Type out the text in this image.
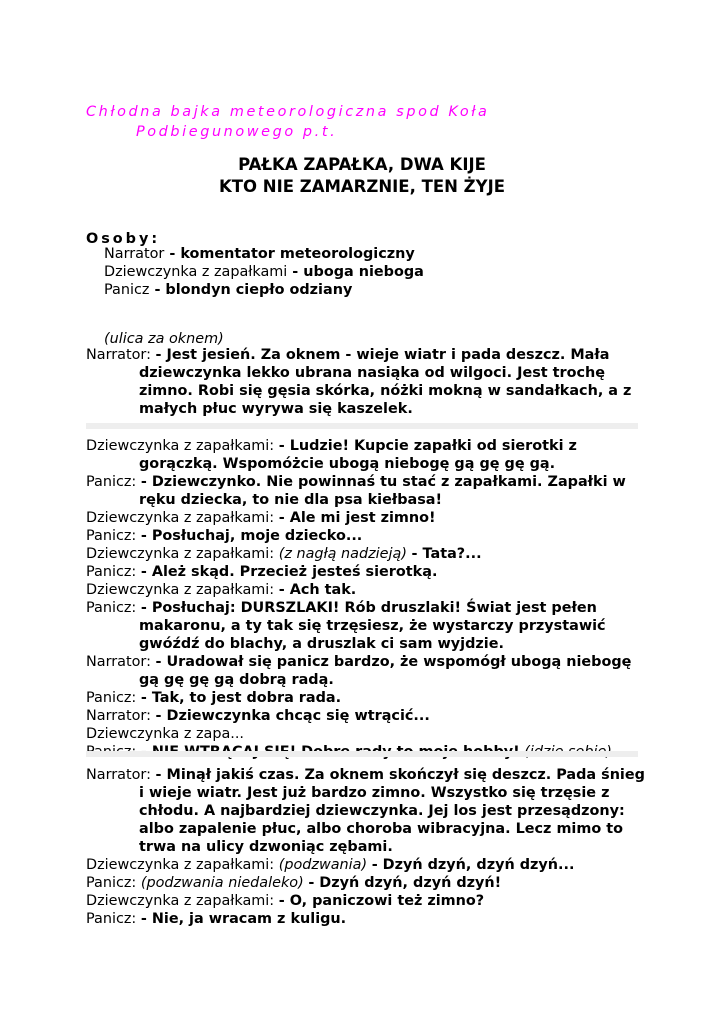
Chłodna bajka meteorologiczna spod Koła
Podbiegunowego p.t.
PAŁKA ZAPAŁKA, DWA KIJE
KTO NIE ZAMARZNIE, TEN ŻYJE
Osoby:
Narrator - komentator meteorologiczny
Dziewczynka z zapałkami - uboga nieboga
Panicz - blondyn ciepło odziany
(ulica za oknem)
Narrator: - Jest jesień. Za oknem - wieje wiatr i pada deszcz. Mała dziewczynka lekko ubrana nasiąka od wilgoci. Jest trochę zimno. Robi się gęsia skórka, nóżki mokną w sandałkach, a z małych płuc wyrywa się kaszelek.
Dziewczynka z zapałkami: - Ludzie! Kupcie zapałki od sierotki z gorączką. Wspomóżcie ubogą niebogę gą gę gę gą.
Panicz: - Dziewczynko. Nie powinnaś tu stać z zapałkami. Zapałki w ręku dziecka, to nie dla psa kiełbasa!
Dziewczynka z zapałkami: - Ale mi jest zimno!
Panicz: - Posłuchaj, moje dziecko...
Dziewczynka z zapałkami: (z nagłą nadzieją) - Tata?...
Panicz: - Ależ skąd. Przecież jesteś sierotką.
Dziewczynka z zapałkami: - Ach tak.
Panicz: - Posłuchaj: DURSZLAKI! Rób druszlaki! Świat jest pełen makaronu, a ty tak się trzęsiesz, że wystarczy przystawić gwóźdź do blachy, a druszlak ci sam wyjdzie.
Narrator: - Uradował się panicz bardzo, że wspomógł ubogą niebogę gą gę gę gą dobrą radą.
Panicz: - Tak, to jest dobra rada.
Narrator: - Dziewczynka chcąc się wtrącić...
Dziewczynka z zapa...
Narrator: - Minął jakiś czas. Za oknem skończył się deszcz. Pada śnieg i wieje wiatr. Jest już bardzo zimno. Wszystko się trzęsie z chłodu. A najbardziej dziewczynka. Jej los jest przesądzony: albo zapalenie płuc, albo choroba wibracyjna. Lecz mimo to trwa na ulicy dzwoniąc zębami.
Dziewczynka z zapałkami: (podzwania) - Dzyń dzyń, dzyń dzyń...
Panicz: (podzwania niedaleko) - Dzyń dzyń, dzyń dzyń!
Dziewczynka z zapałkami: - O, paniczowi też zimno?
Panicz: - Nie, ja wracam z kuligu.
